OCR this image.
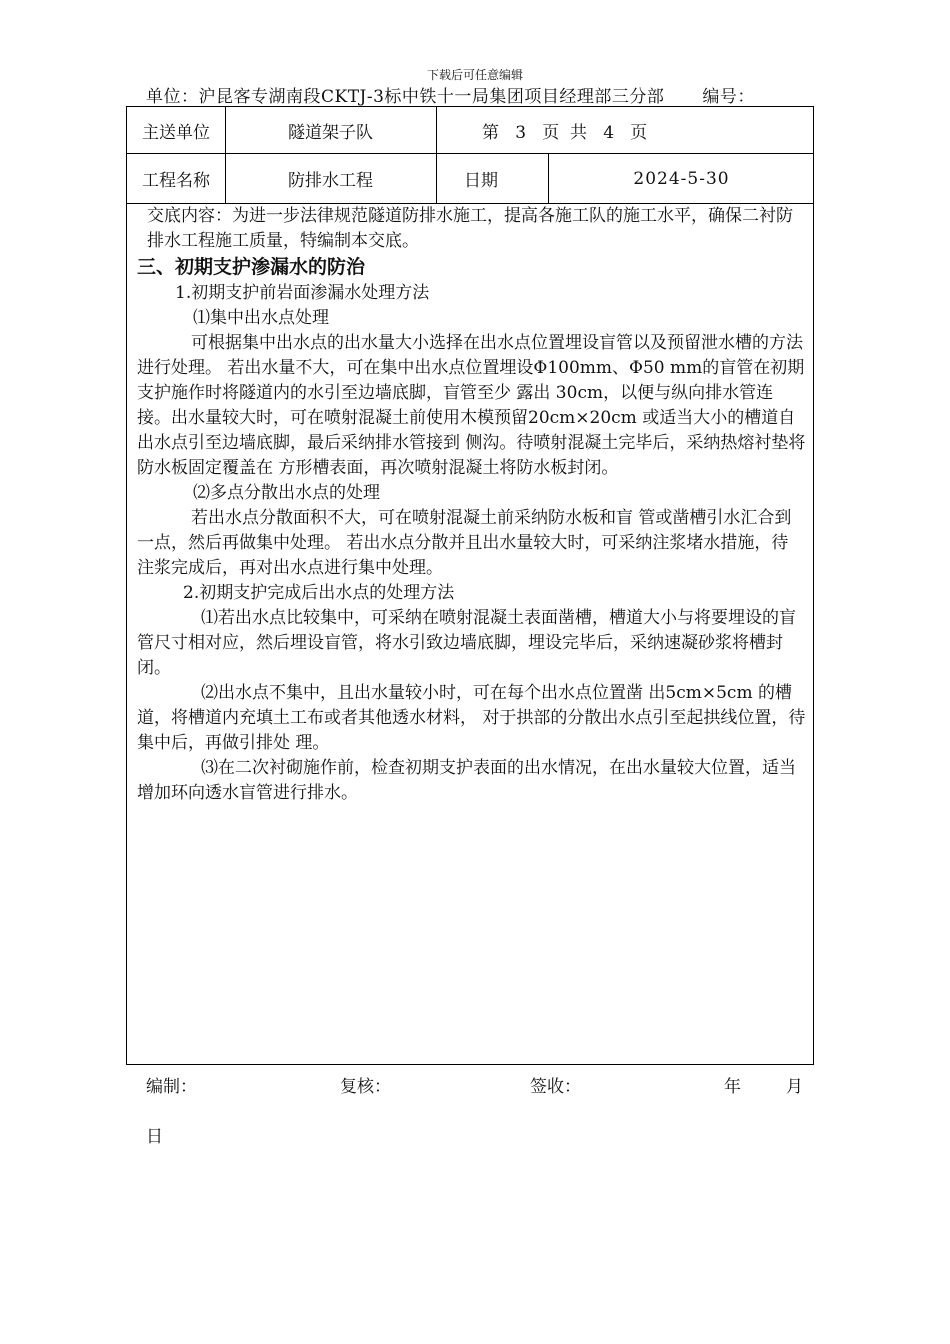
下载后可任意编辑
单位：沪昆客专湖南段CKTJ-3标中铁十一局集团项目经理部三分部 编号：
主送单位	隧道架子队	第   3   页  共   4   页
工程名称	防排水工程	日期	2024-5-30

交底内容：为进一步法律规范隧道防排水施工，提高各施工队的施工水平，确保二衬防排水工程施工质量，特编制本交底。

三、初期支护渗漏水的防治

1.初期支护前岩面渗漏水处理方法

⑴集中出水点处理

可根据集中出水点的出水量大小选择在出水点位置埋设盲管以及预留泄水槽的方法进行处理。 若出水量不大，可在集中出水点位置埋设Φ100mm、Φ50 mm的盲管在初期支护施作时将隧道内的水引至边墙底脚，盲管至少 露出 30cm，以便与纵向排水管连接。出水量较大时，可在喷射混凝土前使用木模预留20cm×20cm 或适当大小的槽道自出水点引至边墙底脚，最后采纳排水管接到 侧沟。待喷射混凝土完毕后，采纳热熔衬垫将防水板固定覆盖在 方形槽表面，再次喷射混凝土将防水板封闭。

⑵多点分散出水点的处理

若出水点分散面积不大，可在喷射混凝土前采纳防水板和盲 管或凿槽引水汇合到一点，然后再做集中处理。 若出水点分散并且出水量较大时，可采纳注浆堵水措施，待 注浆完成后，再对出水点进行集中处理。

2.初期支护完成后出水点的处理方法

⑴若出水点比较集中，可采纳在喷射混凝土表面凿槽，槽道大小与将要埋设的盲管尺寸相对应，然后埋设盲管，将水引致边墙底脚，埋设完毕后，采纳速凝砂浆将槽封闭。

⑵出水点不集中，且出水量较小时，可在每个出水点位置凿 出5cm×5cm 的槽道，将槽道内充填土工布或者其他透水材料， 对于拱部的分散出水点引至起拱线位置，待集中后，再做引排处 理。

⑶在二次衬砌施作前，检查初期支护表面的出水情况，在出水量较大位置，适当增加环向透水盲管进行排水。

编制：	复核：	签收：	年	月
日
